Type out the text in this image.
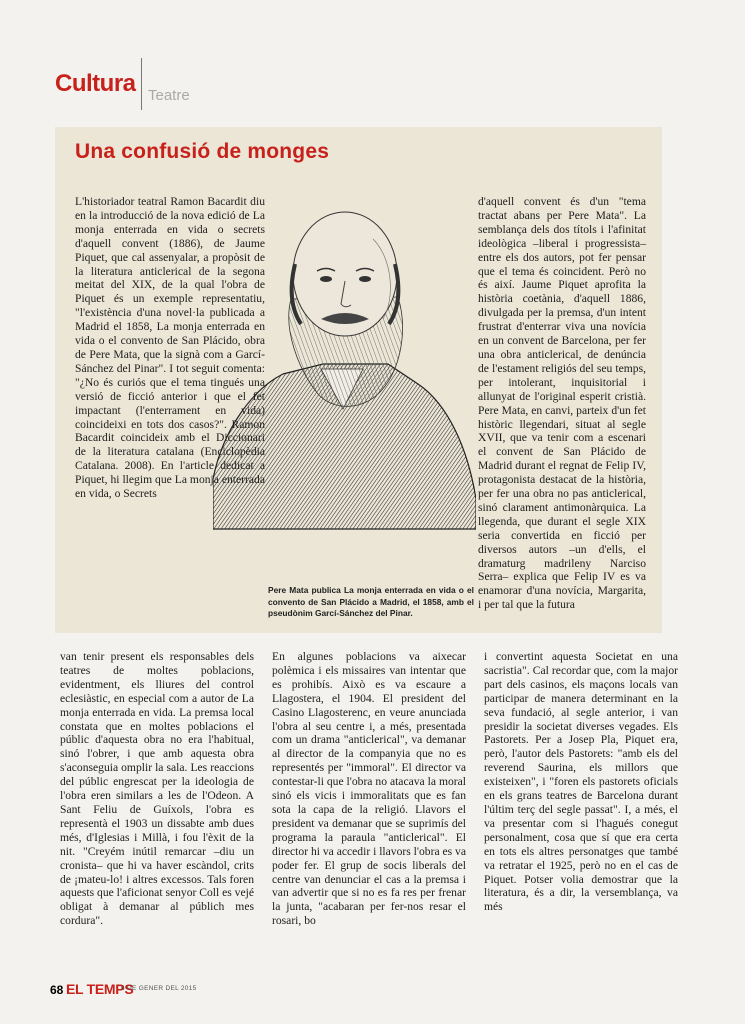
Cultura Teatre
Una confusió de monges
Pere Mata publica La monja enterrada en vida o el convento de San Plácido a Madrid, el 1858, amb el pseudònim Garcí-Sánchez del Pinar.

L'historiador teatral Ramon Bacardit diu en la introducció de la nova edició de La monja enterrada en vida o secrets d'aquell convent (1886), de Jaume Piquet, que cal assenyalar, a propòsit de la literatura anticlerical de la segona meitat del XIX, de la qual l'obra de Piquet és un exemple representatiu, "l'existència d'una novel·la publicada a Madrid el 1858, La monja enterrada en vida o el convento de San Plácido, obra de Pere Mata, que la signà com a Garcí-Sánchez del Pinar". I tot seguit comenta: "¿No és curiós que el tema tingués una versió de ficció anterior i que el fet impactant (l'enterrament en vida) coincideixi en tots dos casos?". Ramon Bacardit coincideix amb el Diccionari de la literatura catalana (Enciclopèdia Catalana. 2008). En l'article dedicat a Piquet, hi llegim que La monja enterrada en vida, o Secrets

d'aquell convent és d'un "tema tractat abans per Pere Mata". La semblança dels dos títols i l'afinitat ideològica –liberal i progressista– entre els dos autors, pot fer pensar que el tema és coincident. Però no és així. Jaume Piquet aprofita la història coetània, d'aquell 1886, divulgada per la premsa, d'un intent frustrat d'enterrar viva una novícia en un convent de Barcelona, per fer una obra anticlerical, de denúncia de l'estament religiós del seu temps, per intolerant, inquisitorial i allunyat de l'original esperit cristià. Pere Mata, en canvi, parteix d'un fet històric llegendari, situat al segle XVII, que va tenir com a escenari el convent de San Plácido de Madrid durant el regnat de Felip IV, protagonista destacat de la història, per fer una obra no pas anticlerical, sinó clarament antimonàrquica. La llegenda, que durant el segle XIX seria convertida en ficció per diversos autors –un d'ells, el dramaturg madrileny Narciso Serra– explica que Felip IV es va enamorar d'una novícia, Margarita, i per tal que la futura

van tenir present els responsables dels teatres de moltes poblacions, evidentment, els lliures del control eclesiàstic, en especial com a autor de La monja enterrada en vida. La premsa local constata que en moltes poblacions el públic d'aquesta obra no era l'habitual, sinó l'obrer, i que amb aquesta obra s'aconseguia omplir la sala. Les reaccions del públic engrescat per la ideologia de l'obra eren similars a les de l'Odeon. A Sant Feliu de Guíxols, l'obra es representà el 1903 un dissabte amb dues més, d'Iglesias i Millà, i fou l'èxit de la nit. "Creyém inútil remarcar –diu un cronista– que hi va haver escàndol, crits de ¡mateu-lo! i altres excessos. Tals foren aquests que l'aficionat senyor Coll es vejé obligat à demanar al públich mes cordura".

En algunes poblacions va aixecar polèmica i els missaires van intentar que es prohibís. Això es va escaure a Llagostera, el 1904. El president del Casino Llagosterenc, en veure anunciada l'obra al seu centre i, a més, presentada com un drama "anticlerical", va demanar al director de la companyia que no es representés per "immoral". El director va contestar-li que l'obra no atacava la moral sinó els vicis i immoralitats que es fan sota la capa de la religió. Llavors el president va demanar que se suprimís del programa la paraula "anticlerical". El director hi va accedir i llavors l'obra es va poder fer. El grup de socis liberals del centre van denunciar el cas a la premsa i van advertir que si no es fa res per frenar la junta, "acabaran per fer-nos resar el rosari, bo

i convertint aquesta Societat en una sacristia". Cal recordar que, com la major part dels casinos, els maçons locals van participar de manera determinant en la seva fundació, al segle anterior, i van presidir la societat diverses vegades. Els Pastorets. Per a Josep Pla, Piquet era, però, l'autor dels Pastorets: "amb els del reverend Saurina, els millors que existeixen", i "foren els pastorets oficials en els grans teatres de Barcelona durant l'últim terç del segle passat". I, a més, el va presentar com si l'hagués conegut personalment, cosa que sí que era certa en tots els altres personatges que també va retratar el 1925, però no en el cas de Piquet. Potser volia demostrar que la literatura, és a dir, la versemblança, va més

68 EL TEMPS
6 DE GENER DEL 2015
